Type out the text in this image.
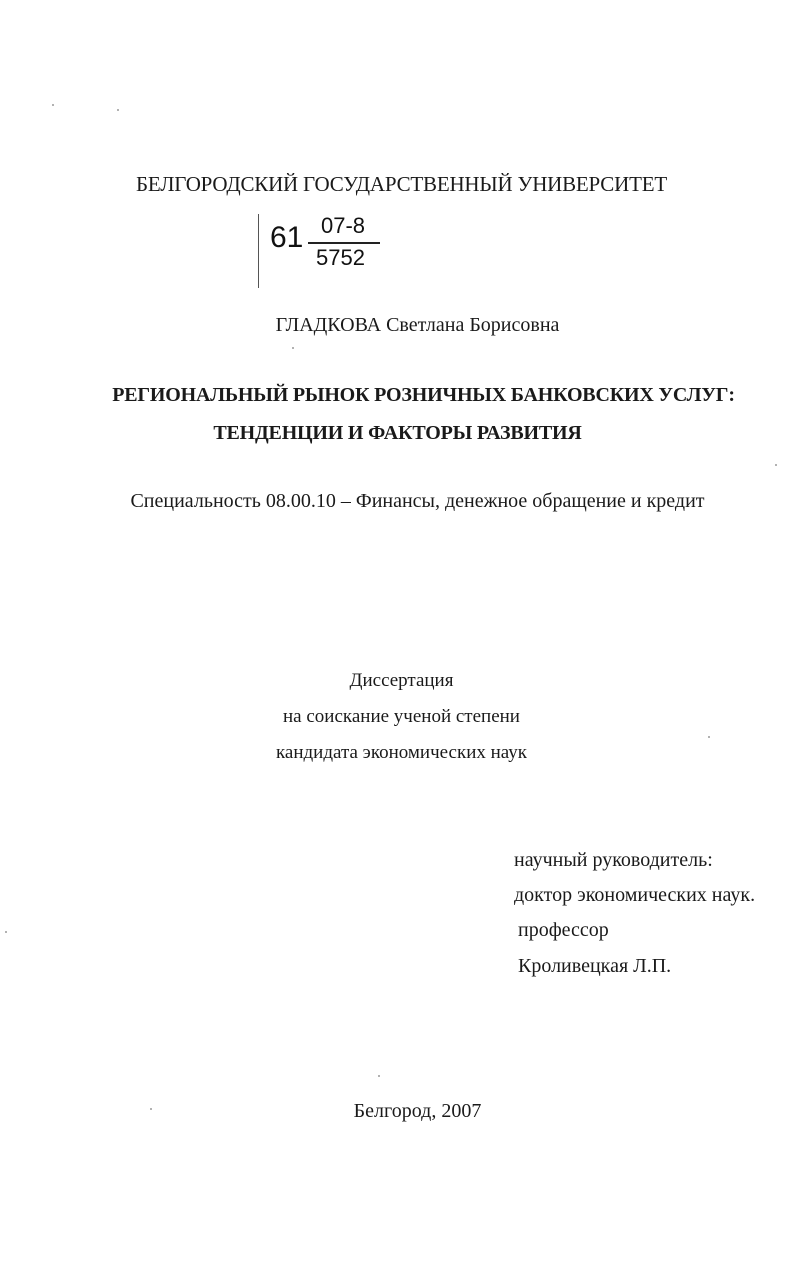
БЕЛГОРОДСКИЙ ГОСУДАРСТВЕННЫЙ УНИВЕРСИТЕТ
61 07-8
5752
ГЛАДКОВА Светлана Борисовна
РЕГИОНАЛЬНЫЙ РЫНОК РОЗНИЧНЫХ БАНКОВСКИХ УСЛУГ:
ТЕНДЕНЦИИ И ФАКТОРЫ РАЗВИТИЯ
Специальность 08.00.10 – Финансы, денежное обращение и кредит
Диссертация
на соискание ученой степени
кандидата экономических наук
научный руководитель:
доктор экономических наук.
профессор
Кроливецкая Л.П.
Белгород, 2007
